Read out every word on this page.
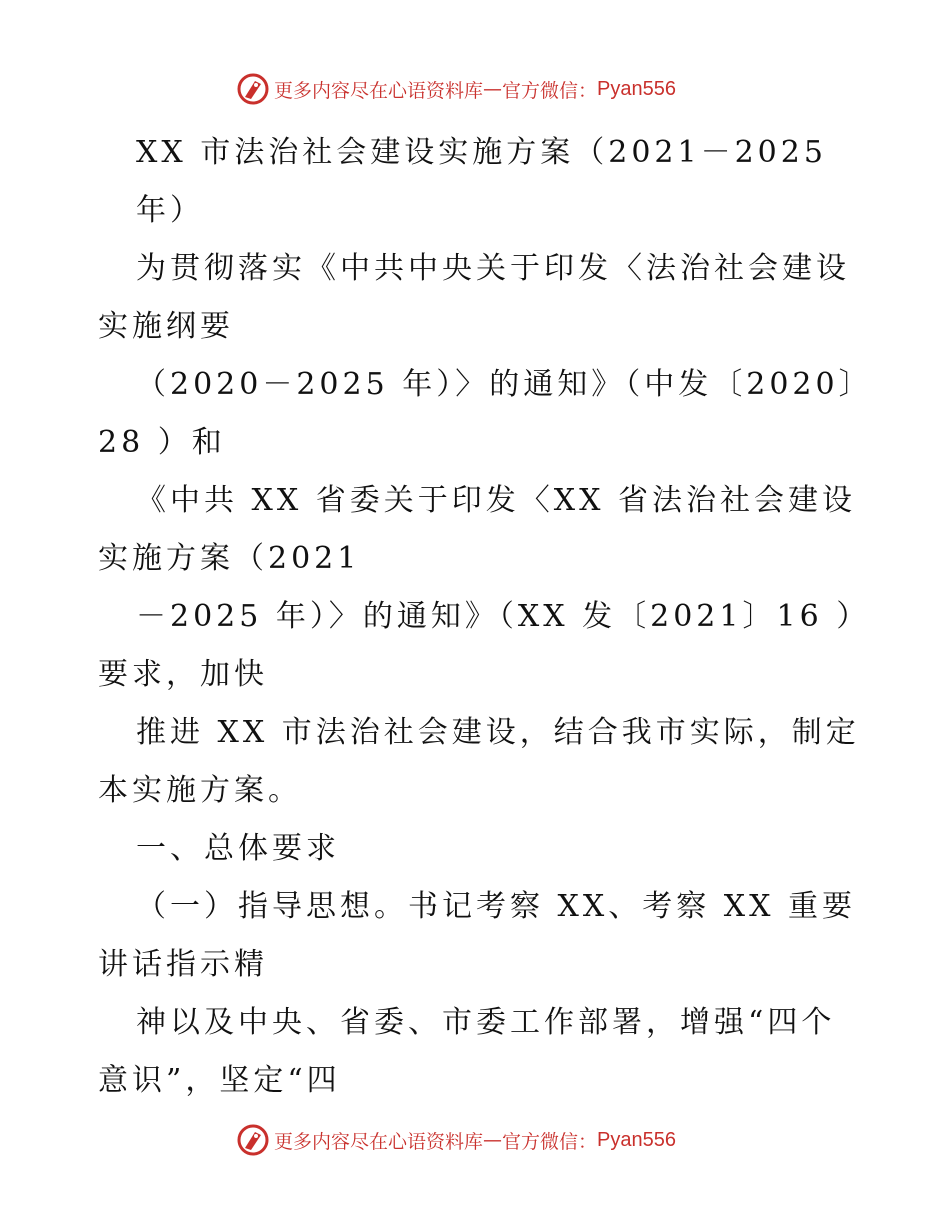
更多内容尽在心语资料库 — 官方微信： Pyan556
XX 市法治社会建设实施方案（2021－2025
年）
为贯彻落实《中共中央关于印发〈法治社会建设
实施纲要
（2020－2025 年）〉的通知》（中发〔2020〕
28 ）和
《中共 XX 省委关于印发〈XX 省法治社会建设
实施方案（2021
－2025 年）〉的通知》（XX 发〔2021〕16 ）
要求，加快
推进 XX 市法治社会建设，结合我市实际，制定
本实施方案。
一、总体要求
（一）指导思想。书记考察 XX、考察 XX 重要
讲话指示精
神以及中央、省委、市委工作部署，增强“四个
意识”，坚定“四
更多内容尽在心语资料库 — 官方微信： Pyan556
